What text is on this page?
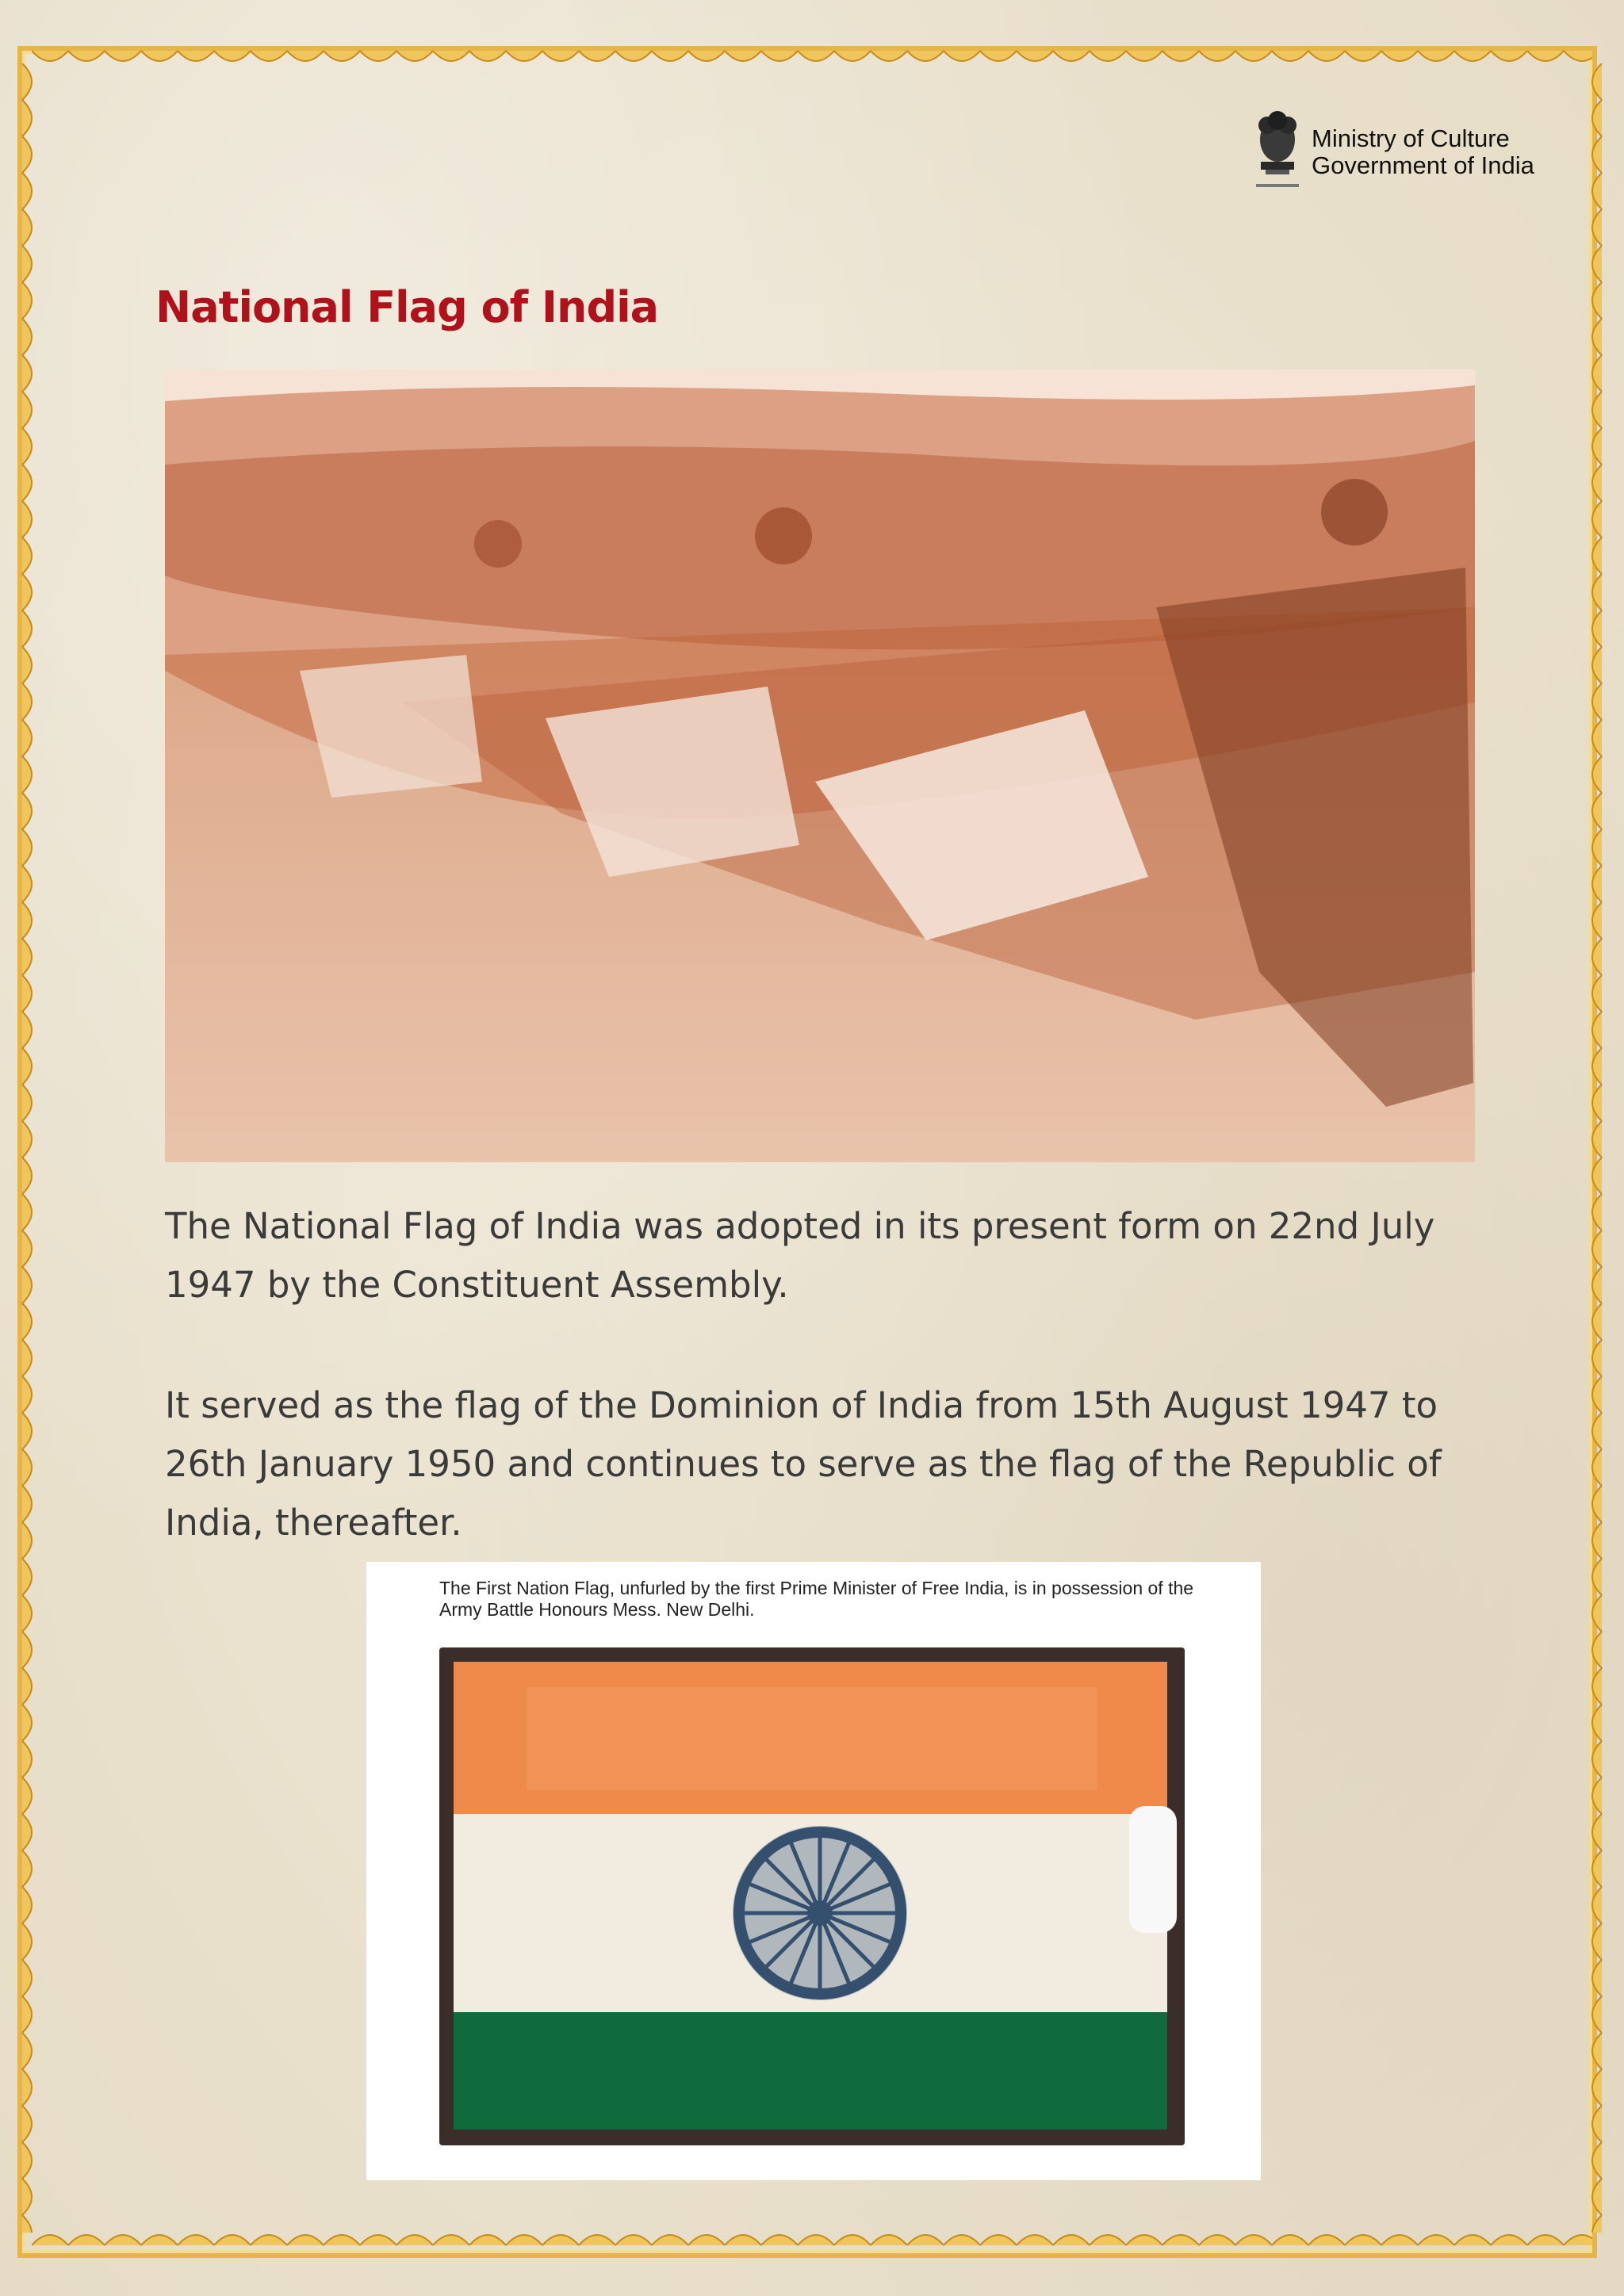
Ministry of Culture
Government of India
National Flag of India

The National Flag of India was adopted in its present form on 22nd July 1947 by the Constituent Assembly.

It served as the flag of the Dominion of India from 15th August 1947 to 26th January 1950 and continues to serve as the flag of the Republic of India, thereafter.

The First Nation Flag, unfurled by the first Prime Minister of Free India, is in possession of the Army Battle Honours Mess. New Delhi.
